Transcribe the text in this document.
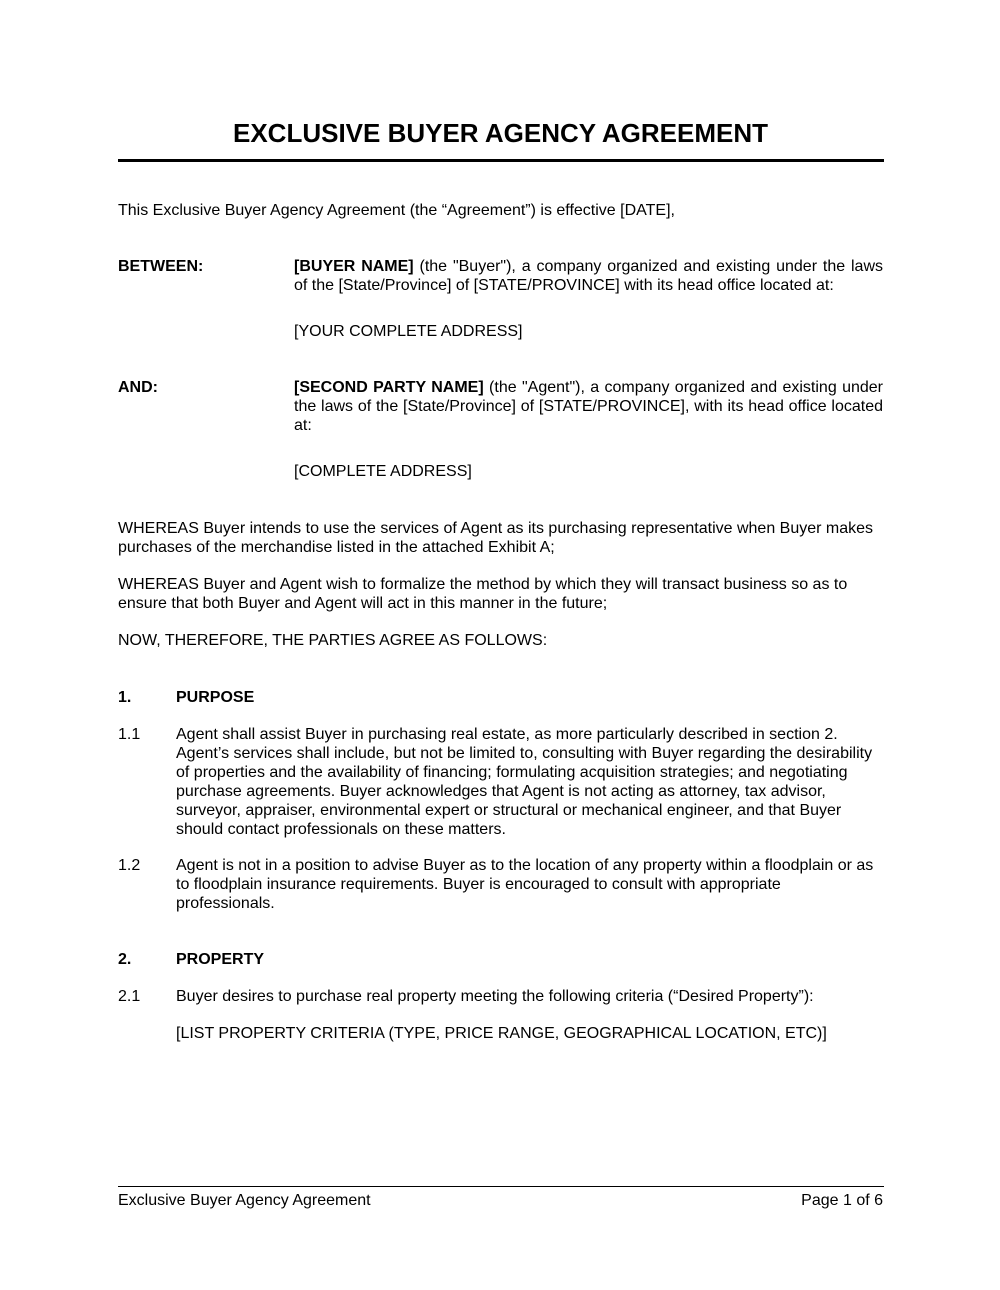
EXCLUSIVE BUYER AGENCY AGREEMENT
This Exclusive Buyer Agency Agreement (the “Agreement”) is effective [DATE],
BETWEEN:	[BUYER NAME] (the "Buyer"), a company organized and existing under the laws of the [State/Province] of [STATE/PROVINCE] with its head office located at:
[YOUR COMPLETE ADDRESS]
AND:	[SECOND PARTY NAME] (the "Agent"), a company organized and existing under the laws of the [State/Province] of [STATE/PROVINCE], with its head office located at:
[COMPLETE ADDRESS]
WHEREAS Buyer intends to use the services of Agent as its purchasing representative when Buyer makes purchases of the merchandise listed in the attached Exhibit A;
WHEREAS Buyer and Agent wish to formalize the method by which they will transact business so as to ensure that both Buyer and Agent will act in this manner in the future;
NOW, THEREFORE, THE PARTIES AGREE AS FOLLOWS:
1.	PURPOSE
1.1 Agent shall assist Buyer in purchasing real estate, as more particularly described in section 2. Agent’s services shall include, but not be limited to, consulting with Buyer regarding the desirability of properties and the availability of financing; formulating acquisition strategies; and negotiating purchase agreements. Buyer acknowledges that Agent is not acting as attorney, tax advisor, surveyor, appraiser, environmental expert or structural or mechanical engineer, and that Buyer should contact professionals on these matters.
1.2 Agent is not in a position to advise Buyer as to the location of any property within a floodplain or as to floodplain insurance requirements. Buyer is encouraged to consult with appropriate professionals.
2.	PROPERTY
2.1 Buyer desires to purchase real property meeting the following criteria (“Desired Property”):
[LIST PROPERTY CRITERIA (TYPE, PRICE RANGE, GEOGRAPHICAL LOCATION, ETC)]
Exclusive Buyer Agency Agreement	Page 1 of 6
